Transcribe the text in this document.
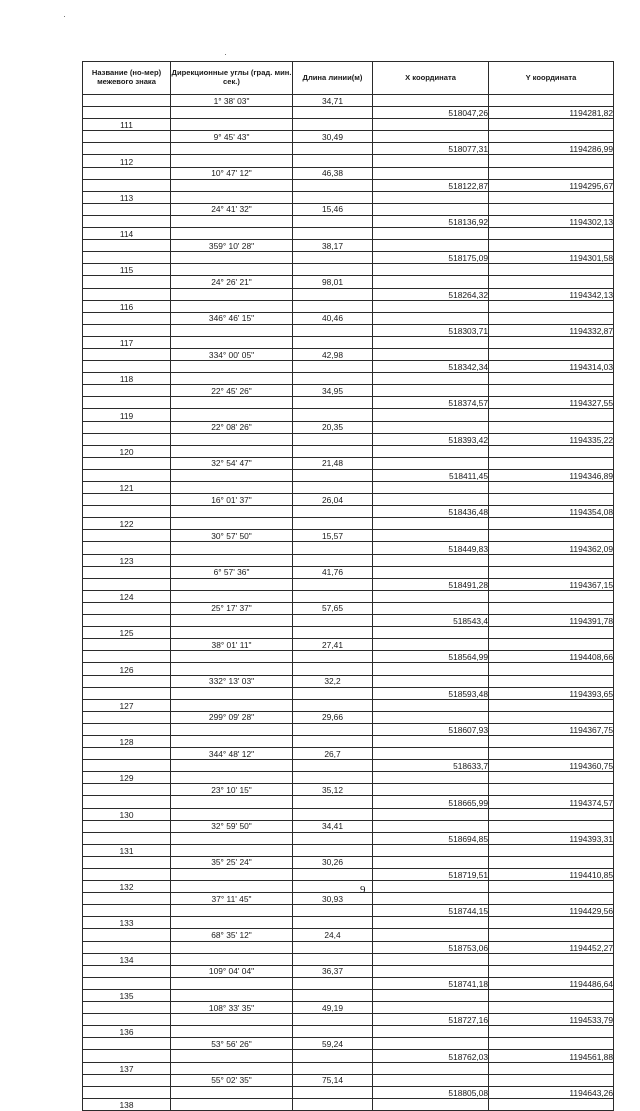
Название (но-мер) межевого знака	Дирекционные углы (град. мин. сек.)	Длина линии(м)	Х координата	Y координата
	1° 38' 03"	34,71		
			518047,26	1194281,82
111				
	9° 45' 43"	30,49		
			518077,31	1194286,99
112				
	10° 47' 12"	46,38		
			518122,87	1194295,67
113				
	24° 41' 32"	15,46		
			518136,92	1194302,13
114				
	359° 10' 28"	38,17		
			518175,09	1194301,58
115				
	24° 26' 21"	98,01		
			518264,32	1194342,13
116				
	346° 46' 15"	40,46		
			518303,71	1194332,87
117				
	334° 00' 05"	42,98		
			518342,34	1194314,03
118				
	22° 45' 26"	34,95		
			518374,57	1194327,55
119				
	22° 08' 26"	20,35		
			518393,42	1194335,22
120				
	32° 54' 47"	21,48		
			518411,45	1194346,89
121				
	16° 01' 37"	26,04		
			518436,48	1194354,08
122				
	30° 57' 50"	15,57		
			518449,83	1194362,09
123				
	6° 57' 36"	41,76		
			518491,28	1194367,15
124				
	25° 17' 37"	57,65		
			518543,4	1194391,78
125				
	38° 01' 11"	27,41		
			518564,99	1194408,66
126				
	332° 13' 03"	32,2		
			518593,48	1194393,65
127				
	299° 09' 28"	29,66		
			518607,93	1194367,75
128				
	344° 48' 12"	26,7		
			518633,7	1194360,75
129				
	23° 10' 15"	35,12		
			518665,99	1194374,57
130				
	32° 59' 50"	34,41		
			518694,85	1194393,31
131				
	35° 25' 24"	30,26		
			518719,51	1194410,85
132				
	37° 11' 45"	30,93		
			518744,15	1194429,56
133				
	68° 35' 12"	24,4		
			518753,06	1194452,27
134				
	109° 04' 04"	36,37		
			518741,18	1194486,64
135				
	108° 33' 35"	49,19		
			518727,16	1194533,79
136				
	53° 56' 26"	59,24		
			518762,03	1194561,88
137				
	55° 02' 35"	75,14		
			518805,08	1194643,26
138				
9
